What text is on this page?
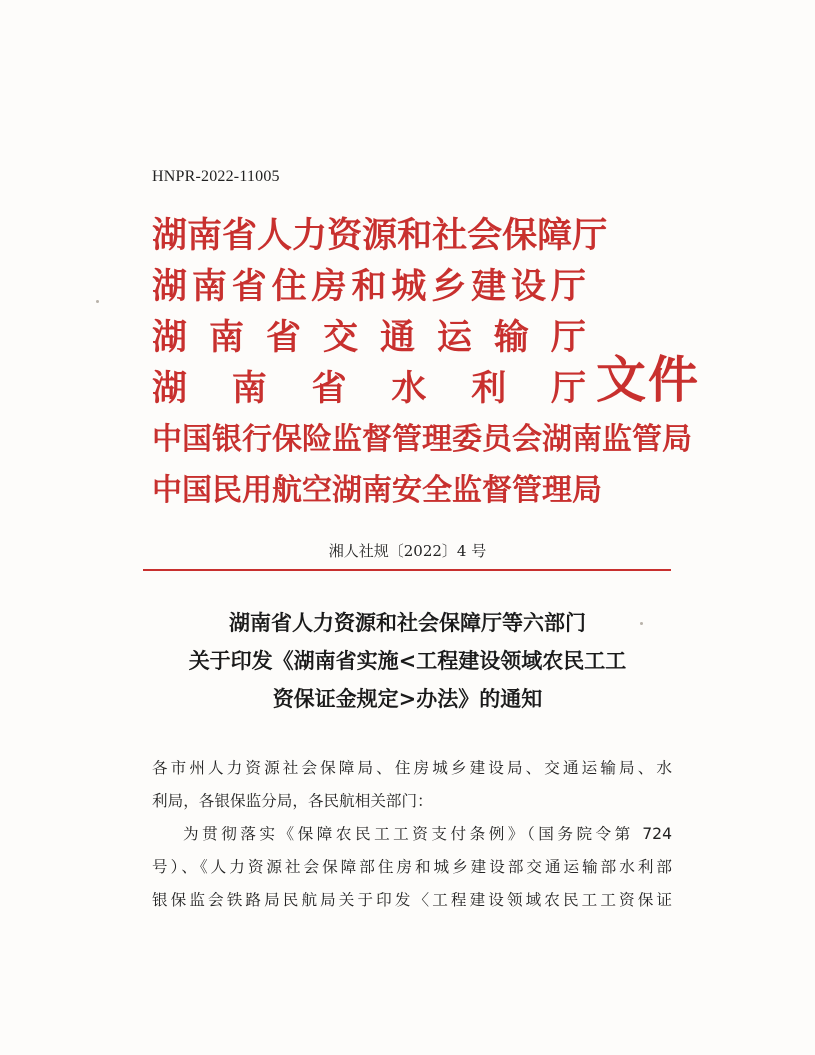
HNPR-2022-11005
湖 南 省 人 力 资 源 和 社 会 保 障 厅
湖 南 省 住 房 和 城 乡 建 设 厅
湖 南 省 交 通 运 输 厅
湖 南 省 水 利 厅
中 国 银 行 保 险 监 督 管 理 委 员 会 湖 南 监 管 局
中 国 民 用 航 空 湖 南 安 全 监 督 管 理 局
文件
湘人社规〔2022〕4 号
湖南省人力资源和社会保障厅等六部门
关于印发《湖南省实施<工程建设领域农民工工
资保证金规定>办法》的通知

各市州人力资源社会保障局、住房城乡建设局、交通运输局、水

利局，各银保监分局，各民航相关部门：

为贯彻落实《保障农民工工资支付条例》（国务院令第 724

号）、《人力资源社会保障部住房和城乡建设部交通运输部水利部

银保监会铁路局民航局关于印发〈工程建设领域农民工工资保证
